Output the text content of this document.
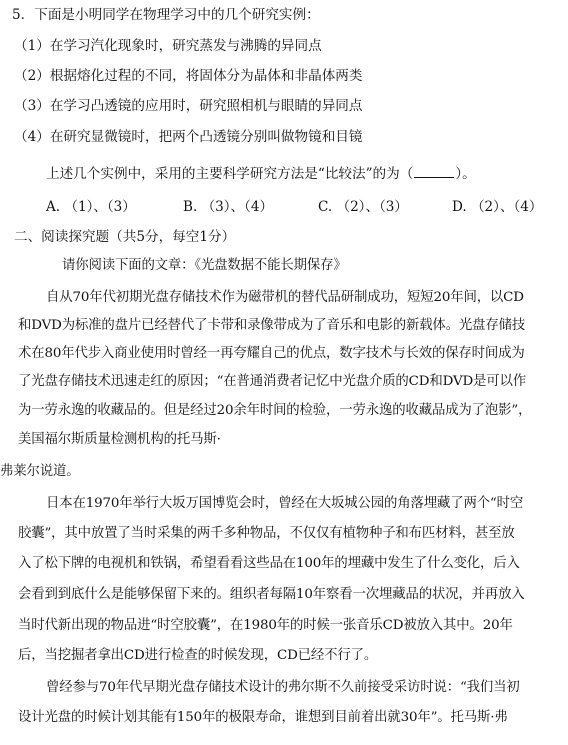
5．下面是小明同学在物理学习中的几个研究实例：
（1）在学习汽化现象时，研究蒸发与沸腾的异同点
（2）根据熔化过程的不同，将固体分为晶体和非晶体两类
（3）在学习凸透镜的应用时，研究照相机与眼睛的异同点
（4）在研究显微镜时，把两个凸透镜分别叫做物镜和目镜
上述几个实例中，采用的主要科学研究方法是“比较法”的为（	）。
A. （1）、（3）	B. （3）、（4）	C. （2）、（3）	D. （2）、（4）
二、阅读探究题（共5分，每空1分）
请你阅读下面的文章：《光盘数据不能长期保存》
自从70年代初期光盘存储技术作为磁带机的替代品研制成功，短短20年间，以CD
和DVD为标准的盘片已经替代了卡带和录像带成为了音乐和电影的新载体。光盘存储技
术在80年代步入商业使用时曾经一再夸耀自己的优点，数字技术与长效的保存时间成为
了光盘存储技术迅速走红的原因；“在普通消费者记忆中光盘介质的CD和DVD是可以作
为一劳永逸的收藏品的。但是经过20余年时间的检验，一劳永逸的收藏品成为了泡影”，
美国福尔斯质量检测机构的托马斯·
弗莱尔说道。
日本在1970年举行大坂万国博览会时，曾经在大坂城公园的角落埋藏了两个“时空
胶囊”，其中放置了当时采集的两千多种物品，不仅仅有植物种子和布匹材料，甚至放
入了松下牌的电视机和铁锅，希望看看这些品在100年的埋藏中发生了什么变化，后入
会看到到底什么是能够保留下来的。组织者每隔10年察看一次埋藏品的状况，并再放入
当时代新出现的物品进“时空胶囊”，在1980年的时候一张音乐CD被放入其中。20年
后，当挖掘者拿出CD进行检查的时候发现，CD已经不行了。
曾经参与70年代早期光盘存储技术设计的弗尔斯不久前接受采访时说：“我们当初
设计光盘的时候计划其能有150年的极限寿命，谁想到目前着出就30年”。托马斯·弗
